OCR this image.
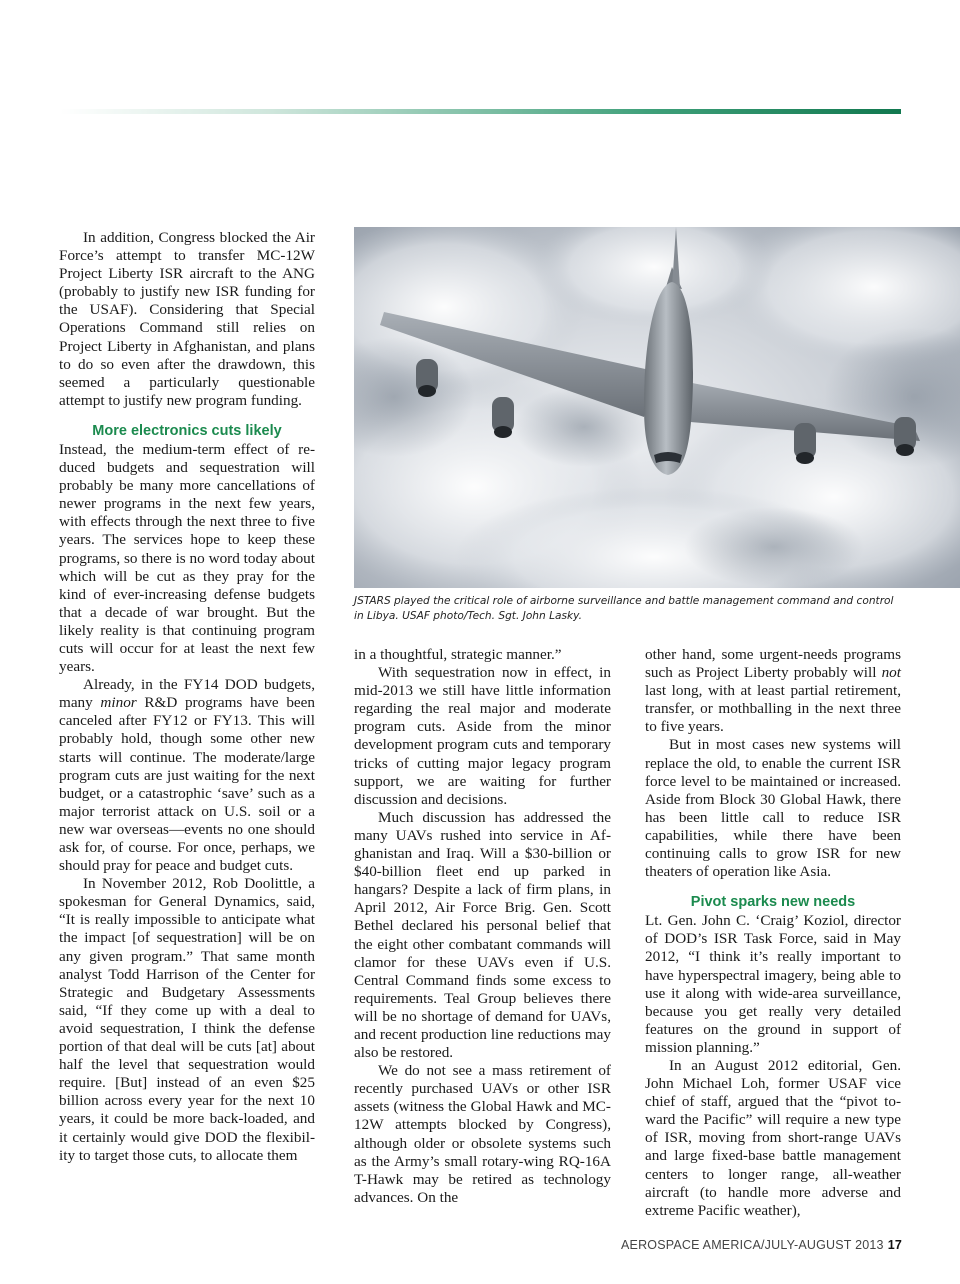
In addition, Congress blocked the Air Force’s attempt to transfer MC-12W Project Liberty ISR aircraft to the ANG (probably to justify new ISR funding for the USAF). Considering that Special Operations Command still relies on Project Liberty in Afghanistan, and plans to do so even after the drawdown, this seemed a particularly questionable attempt to justify new program funding.

More electronics cuts likely

Instead, the medium-term effect of reduced budgets and sequestration will probably be many more cancellations of newer programs in the next few years, with effects through the next three to five years. The services hope to keep these programs, so there is no word today about which will be cut as they pray for the kind of ever-increasing defense budgets that a decade of war brought. But the likely reality is that continuing program cuts will occur for at least the next few years.

Already, in the FY14 DOD budgets, many minor R&D programs have been canceled after FY12 or FY13. This will probably hold, though some other new starts will continue. The moderate/large program cuts are just waiting for the next budget, or a catastrophic ‘save’ such as a major terrorist attack on U.S. soil or a new war overseas—events no one should ask for, of course. For once, perhaps, we should pray for peace and budget cuts.

In November 2012, Rob Doolittle, a spokesman for General Dynamics, said, “It is really impossible to anticipate what the impact [of sequestration] will be on any given program.” That same month analyst Todd Harrison of the Center for Strategic and Budgetary Assessments said, “If they come up with a deal to avoid sequestration, I think the defense portion of that deal will be cuts [at] about half the level that sequestration would require. [But] instead of an even $25 billion across every year for the next 10 years, it could be more back-loaded, and it certainly would give DOD the flexibility to target those cuts, to allocate them

JSTARS played the critical role of airborne surveillance and battle management command and control in Libya. USAF photo/Tech. Sgt. John Lasky.

in a thoughtful, strategic manner.”

With sequestration now in effect, in mid-2013 we still have little information regarding the real major and moderate program cuts. Aside from the minor development program cuts and temporary tricks of cutting major legacy program support, we are waiting for further discussion and decisions.

Much discussion has addressed the many UAVs rushed into service in Afghanistan and Iraq. Will a $30-billion or $40-billion fleet end up parked in hangars? Despite a lack of firm plans, in April 2012, Air Force Brig. Gen. Scott Bethel declared his personal belief that the eight other combatant commands will clamor for these UAVs even if U.S. Central Command finds some excess to requirements. Teal Group believes there will be no shortage of demand for UAVs, and recent production line reductions may also be restored.

We do not see a mass retirement of recently purchased UAVs or other ISR assets (witness the Global Hawk and MC-12W attempts blocked by Congress), although older or obsolete systems such as the Army’s small rotary-wing RQ-16A T-Hawk may be retired as technology advances. On the

other hand, some urgent-needs programs such as Project Liberty probably will not last long, with at least partial retirement, transfer, or mothballing in the next three to five years.

But in most cases new systems will replace the old, to enable the current ISR force level to be maintained or increased. Aside from Block 30 Global Hawk, there has been little call to reduce ISR capabilities, while there have been continuing calls to grow ISR for new theaters of operation like Asia.

Pivot sparks new needs

Lt. Gen. John C. ‘Craig’ Koziol, director of DOD’s ISR Task Force, said in May 2012, “I think it’s really important to have hyperspectral imagery, being able to use it along with wide-area surveillance, because you get really very detailed features on the ground in support of mission planning.”

In an August 2012 editorial, Gen. John Michael Loh, former USAF vice chief of staff, argued that the “pivot toward the Pacific” will require a new type of ISR, moving from short-range UAVs and large fixed-base battle management centers to longer range, all-weather aircraft (to handle more adverse and extreme Pacific weather),

AEROSPACE AMERICA/JULY-AUGUST 2013 17
